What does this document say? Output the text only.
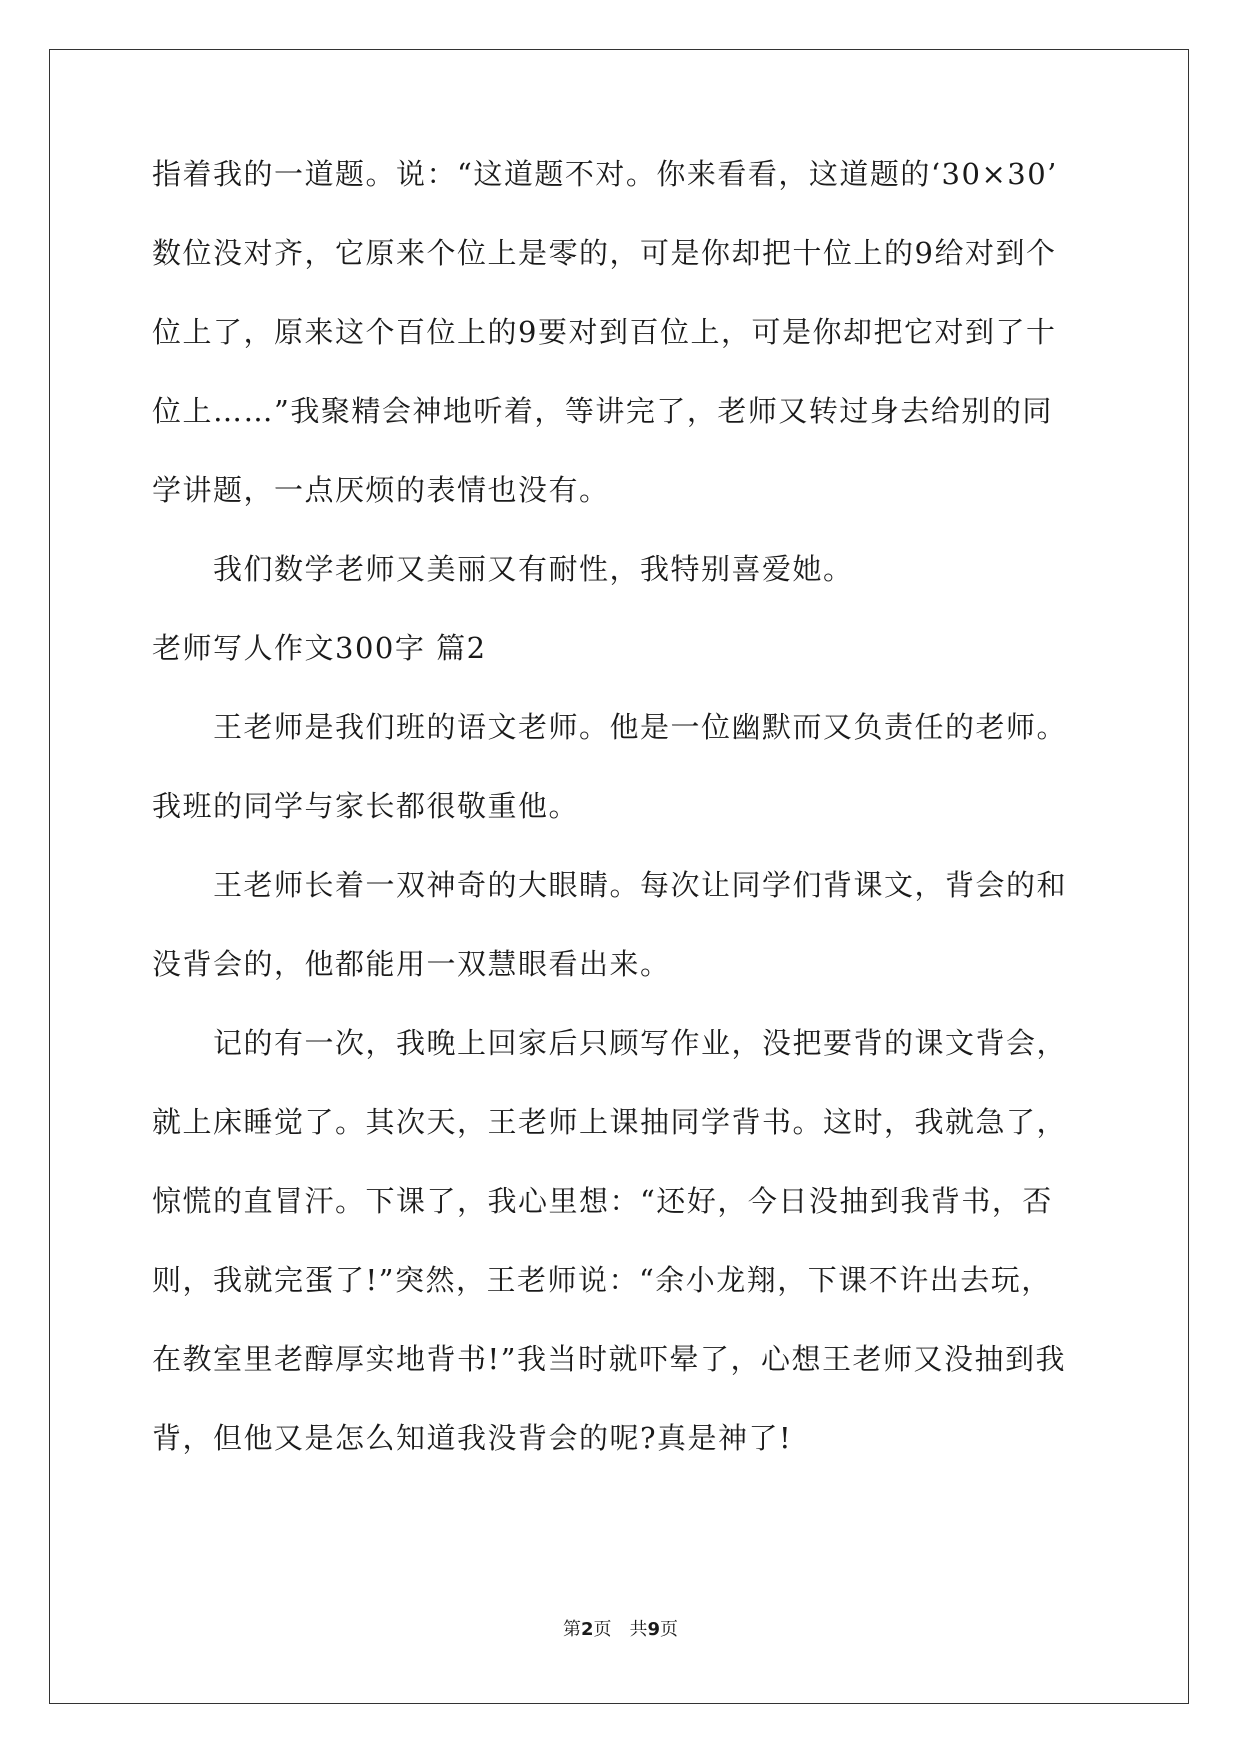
指着我的一道题。说：“这道题不对。你来看看，这道题的‘30×30’
数位没对齐，它原来个位上是零的，可是你却把十位上的9给对到个
位上了，原来这个百位上的9要对到百位上，可是你却把它对到了十
位上……”我聚精会神地听着，等讲完了，老师又转过身去给别的同
学讲题，一点厌烦的表情也没有。
　　我们数学老师又美丽又有耐性，我特别喜爱她。
老师写人作文300字 篇2
　　王老师是我们班的语文老师。他是一位幽默而又负责任的老师。
我班的同学与家长都很敬重他。
　　王老师长着一双神奇的大眼睛。每次让同学们背课文，背会的和
没背会的，他都能用一双慧眼看出来。
　　记的有一次，我晚上回家后只顾写作业，没把要背的课文背会，
就上床睡觉了。其次天，王老师上课抽同学背书。这时，我就急了，
惊慌的直冒汗。下课了，我心里想：“还好，今日没抽到我背书，否
则，我就完蛋了!”突然，王老师说：“余小龙翔，下课不许出去玩，
在教室里老醇厚实地背书!”我当时就吓晕了，心想王老师又没抽到我
背，但他又是怎么知道我没背会的呢?真是神了!
第2页　共9页
